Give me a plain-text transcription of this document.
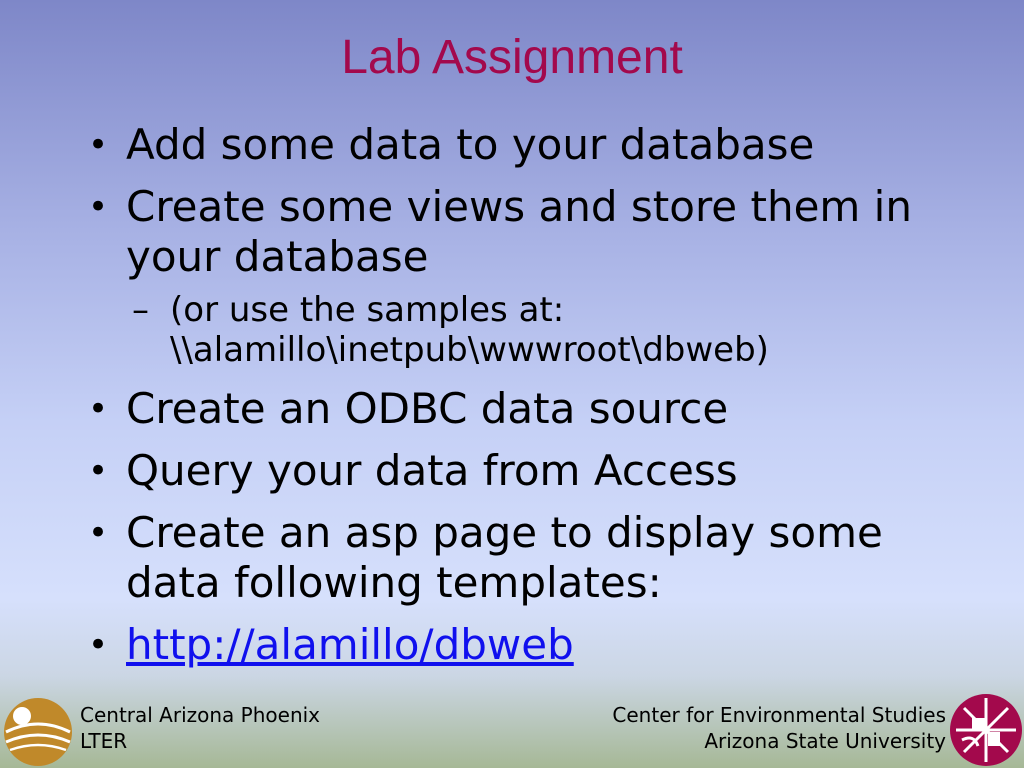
Lab Assignment
• Add some data to your database
• Create some views and store them in your database
– (or use the samples at: \\alamillo\inetpub\wwwroot\dbweb)
• Create an ODBC data source
• Query your data from Access
• Create an asp page to display some data following templates:
• http://alamillo/dbweb
Central Arizona Phoenix
LTER
Center for Environmental Studies
Arizona State University
